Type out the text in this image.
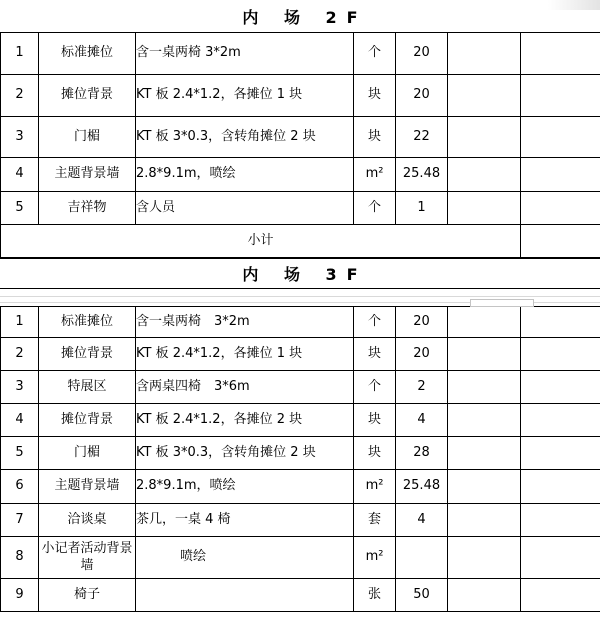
内 场 2F
1	标准摊位	含一桌两椅 3*2m	个	20		
2	摊位背景	KT 板 2.4*1.2，各摊位 1 块	块	20		
3	门楣	KT 板 3*0.3，含转角摊位 2 块	块	22		
4	主题背景墙	2.8*9.1m，喷绘	m²	25.48		
5	吉祥物	含人员	个	1		
小计						
内 场 3F
1	标准摊位	含一桌两椅　3*2m	个	20		
2	摊位背景	KT 板 2.4*1.2，各摊位 1 块	块	20		
3	特展区	含两桌四椅　3*6m	个	2		
4	摊位背景	KT 板 2.4*1.2，各摊位 2 块	块	4		
5	门楣	KT 板 3*0.3，含转角摊位 2 块	块	28		
6	主题背景墙	2.8*9.1m，喷绘	m²	25.48		
7	洽谈桌	茶几，一桌 4 椅	套	4		
8	小记者活动背景墙	喷绘	m²			
9	椅子		张	50		
